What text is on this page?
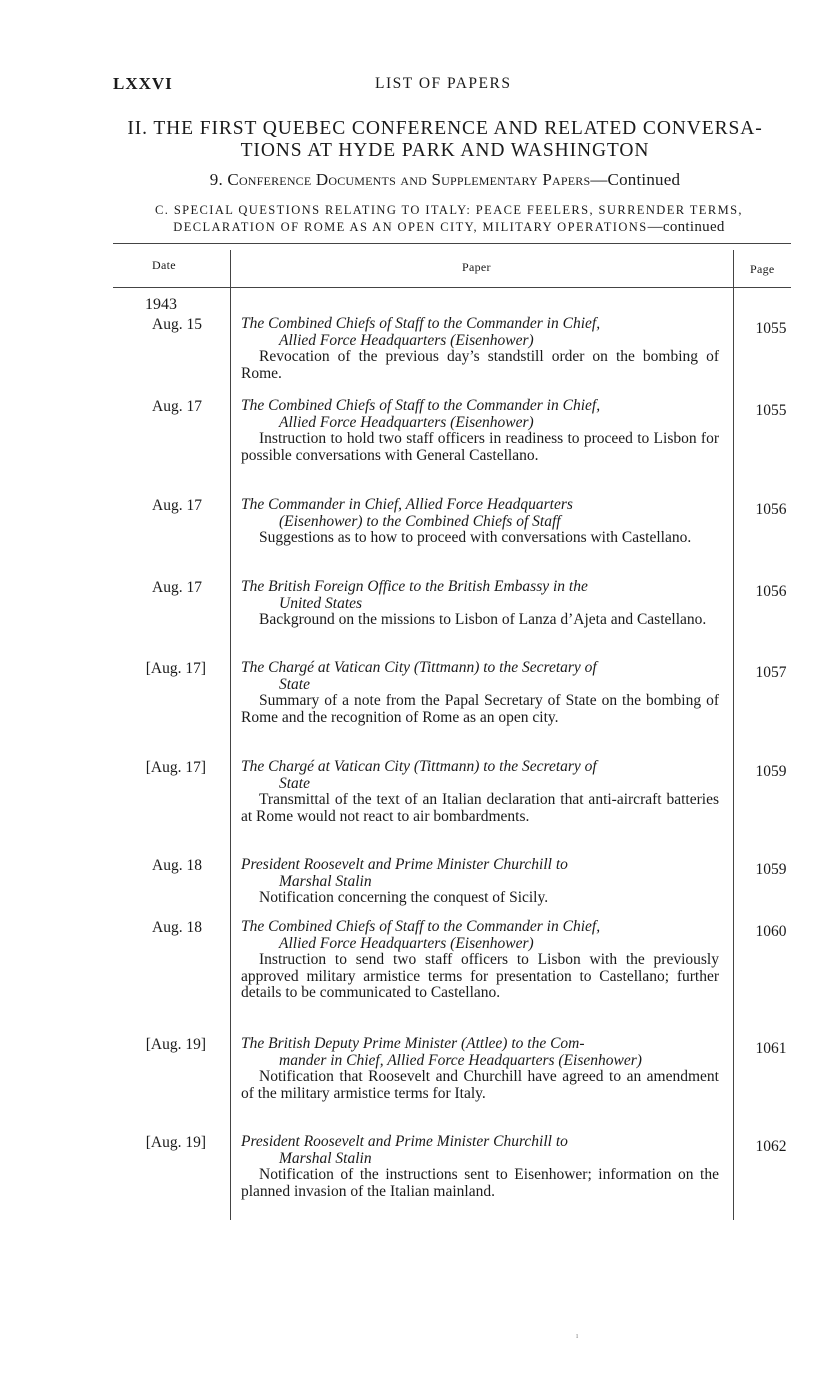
LXXVI	LIST OF PAPERS
II. THE FIRST QUEBEC CONFERENCE AND RELATED CONVERSA-
TIONS AT HYDE PARK AND WASHINGTON
9. Conference Documents and Supplementary Papers—Continued
C. SPECIAL QUESTIONS RELATING TO ITALY: PEACE FEELERS, SURRENDER TERMS,
DECLARATION OF ROME AS AN OPEN CITY, MILITARY OPERATIONS—continued
Date	Paper	Page
1943
Aug. 15	The Combined Chiefs of Staff to the Commander in Chief,
Allied Force Headquarters (Eisenhower)
Revocation of the previous day’s standstill order on the bombing of Rome.
1055
Aug. 17	The Combined Chiefs of Staff to the Commander in Chief,
Allied Force Headquarters (Eisenhower)
Instruction to hold two staff officers in readiness to proceed to Lisbon for possible conversations with General Castellano.
1055
Aug. 17	The Commander in Chief, Allied Force Headquarters
(Eisenhower) to the Combined Chiefs of Staff
Suggestions as to how to proceed with conversations with Castellano.
1056
Aug. 17	The British Foreign Office to the British Embassy in the
United States
Background on the missions to Lisbon of Lanza d’Ajeta and Castellano.
1056
[Aug. 17] The Chargé at Vatican City (Tittmann) to the Secretary of
State
Summary of a note from the Papal Secretary of State on the bombing of Rome and the recognition of Rome as an open city.
1057
[Aug. 17] The Chargé at Vatican City (Tittmann) to the Secretary of
State
Transmittal of the text of an Italian declaration that anti-aircraft batteries at Rome would not react to air bombardments.
1059
Aug. 18	President Roosevelt and Prime Minister Churchill to
Marshal Stalin
Notification concerning the conquest of Sicily.
1059
Aug. 18	The Combined Chiefs of Staff to the Commander in Chief,
Allied Force Headquarters (Eisenhower)
Instruction to send two staff officers to Lisbon with the previously approved military armistice terms for presentation to Castellano; further details to be communicated to Castellano.
1060
[Aug. 19] The British Deputy Prime Minister (Attlee) to the Com-
mander in Chief, Allied Force Headquarters (Eisenhower)
Notification that Roosevelt and Churchill have agreed to an amendment of the military armistice terms for Italy.
1061
[Aug. 19] President Roosevelt and Prime Minister Churchill to
Marshal Stalin
Notification of the instructions sent to Eisenhower; information on the planned invasion of the Italian mainland.
1062
ı
